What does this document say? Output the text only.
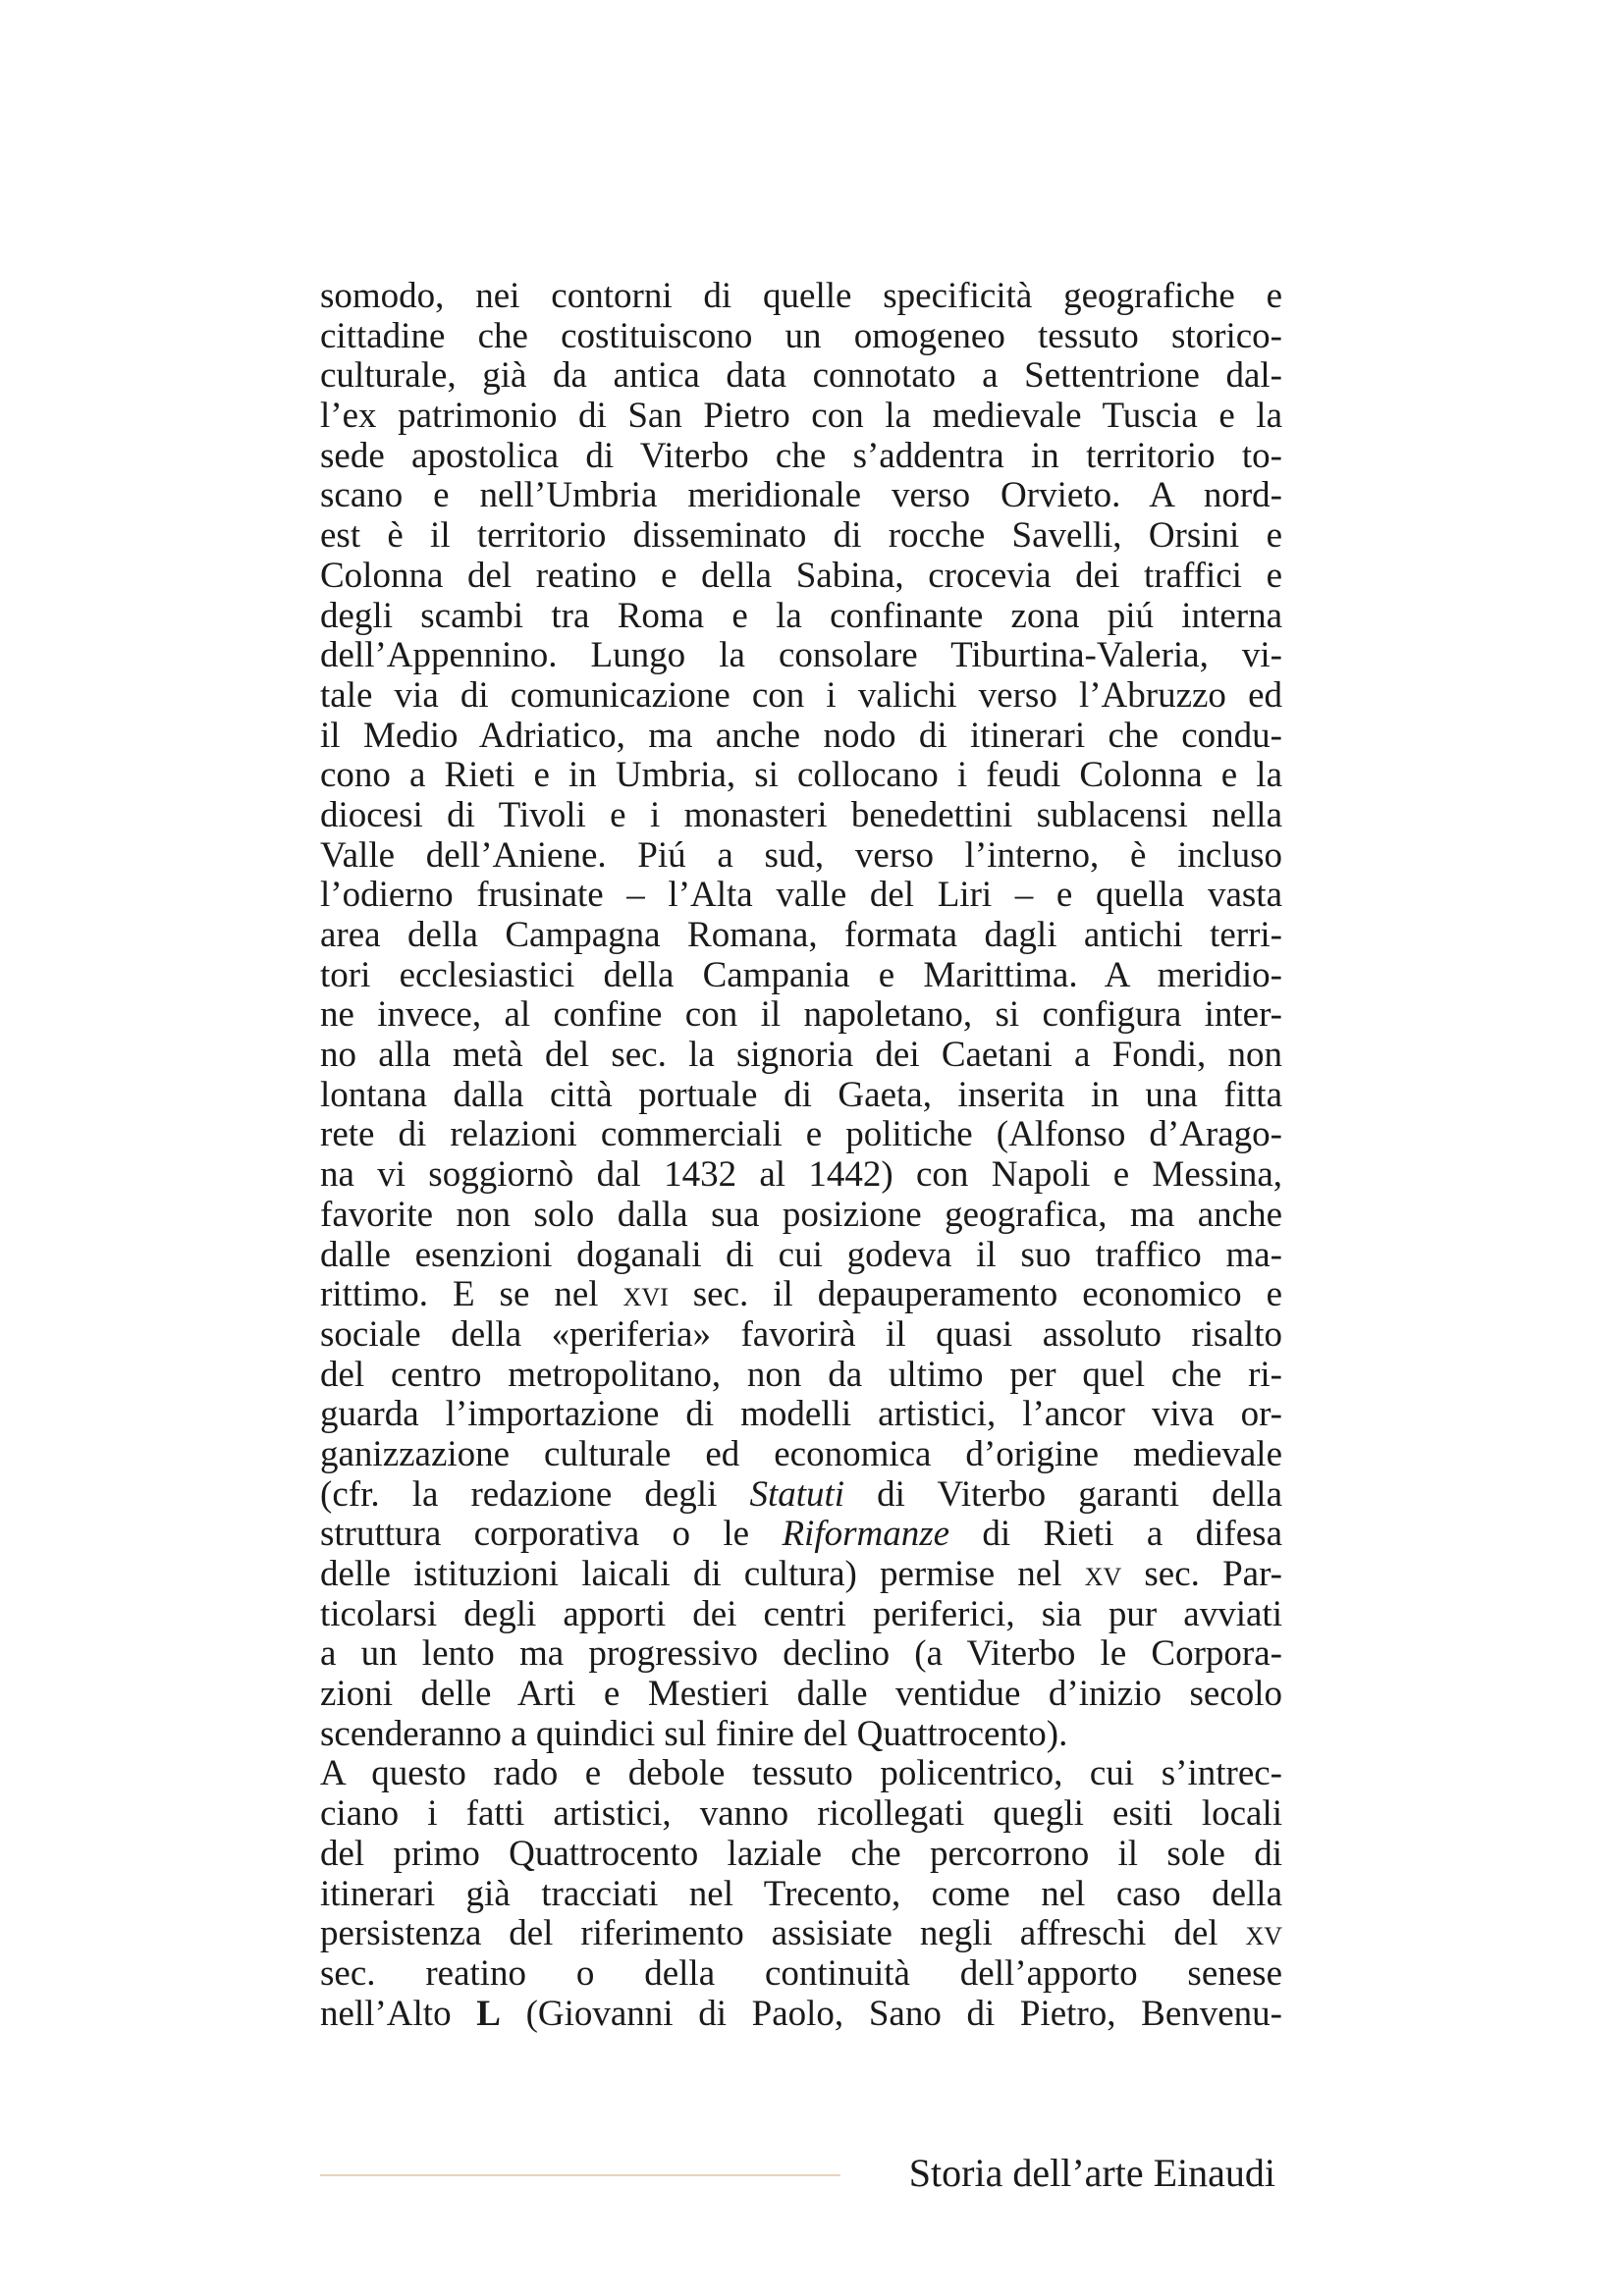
somodo, nei contorni di quelle specificità geografiche e
cittadine che costituiscono un omogeneo tessuto storico-
culturale, già da antica data connotato a Settentrione dal-
l’ex patrimonio di San Pietro con la medievale Tuscia e la
sede apostolica di Viterbo che s’addentra in territorio to-
scano e nell’Umbria meridionale verso Orvieto. A nord-
est è il territorio disseminato di rocche Savelli, Orsini e
Colonna del reatino e della Sabina, crocevia dei traffici e
degli scambi tra Roma e la confinante zona piú interna
dell’Appennino. Lungo la consolare Tiburtina-Valeria, vi-
tale via di comunicazione con i valichi verso l’Abruzzo ed
il Medio Adriatico, ma anche nodo di itinerari che condu-
cono a Rieti e in Umbria, si collocano i feudi Colonna e la
diocesi di Tivoli e i monasteri benedettini sublacensi nella
Valle dell’Aniene. Piú a sud, verso l’interno, è incluso
l’odierno frusinate – l’Alta valle del Liri – e quella vasta
area della Campagna Romana, formata dagli antichi terri-
tori ecclesiastici della Campania e Marittima. A meridio-
ne invece, al confine con il napoletano, si configura inter-
no alla metà del sec. la signoria dei Caetani a Fondi, non
lontana dalla città portuale di Gaeta, inserita in una fitta
rete di relazioni commerciali e politiche (Alfonso d’Arago-
na vi soggiornò dal 1432 al 1442) con Napoli e Messina,
favorite non solo dalla sua posizione geografica, ma anche
dalle esenzioni doganali di cui godeva il suo traffico ma-
rittimo. E se nel xvi sec. il depauperamento economico e
sociale della «periferia» favorirà il quasi assoluto risalto
del centro metropolitano, non da ultimo per quel che ri-
guarda l’importazione di modelli artistici, l’ancor viva or-
ganizzazione culturale ed economica d’origine medievale
(cfr. la redazione degli Statuti di Viterbo garanti della
struttura corporativa o le Riformanze di Rieti a difesa
delle istituzioni laicali di cultura) permise nel xv sec. Par-
ticolarsi degli apporti dei centri periferici, sia pur avviati
a un lento ma progressivo declino (a Viterbo le Corpora-
zioni delle Arti e Mestieri dalle ventidue d’inizio secolo
scenderanno a quindici sul finire del Quattrocento).
A questo rado e debole tessuto policentrico, cui s’intrec-
ciano i fatti artistici, vanno ricollegati quegli esiti locali
del primo Quattrocento laziale che percorrono il sole di
itinerari già tracciati nel Trecento, come nel caso della
persistenza del riferimento assisiate negli affreschi del xv
sec. reatino o della continuità dell’apporto senese
nell’Alto L (Giovanni di Paolo, Sano di Pietro, Benvenu-
Storia dell’arte Einaudi
